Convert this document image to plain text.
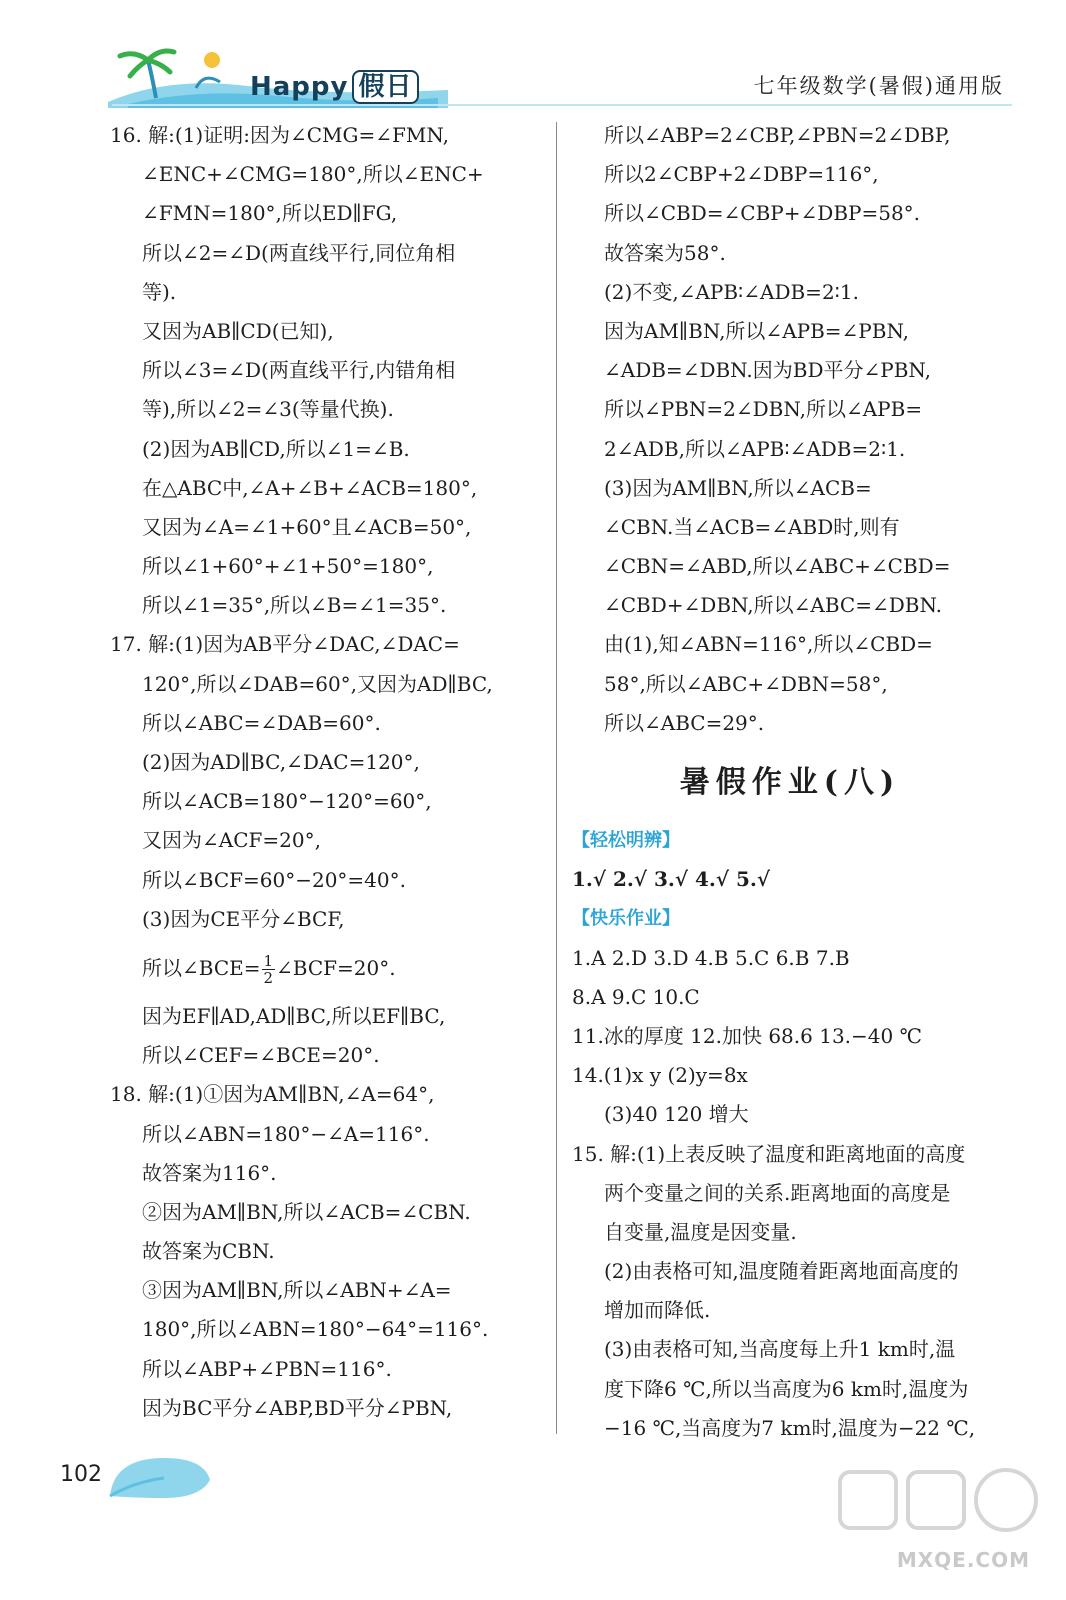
Happy 假日	七年级数学(暑假)通用版
16. 解:(1)证明:因为∠CMG=∠FMN,
∠ENC+∠CMG=180°,所以∠ENC+
∠FMN=180°,所以ED∥FG,
所以∠2=∠D(两直线平行,同位角相
等).
又因为AB∥CD(已知),
所以∠3=∠D(两直线平行,内错角相
等),所以∠2=∠3(等量代换).
(2)因为AB∥CD,所以∠1=∠B.
在△ABC中,∠A+∠B+∠ACB=180°,
又因为∠A=∠1+60°且∠ACB=50°,
所以∠1+60°+∠1+50°=180°,
所以∠1=35°,所以∠B=∠1=35°.
17. 解:(1)因为AB平分∠DAC,∠DAC=
120°,所以∠DAB=60°,又因为AD∥BC,
所以∠ABC=∠DAB=60°.
(2)因为AD∥BC,∠DAC=120°,
所以∠ACB=180°−120°=60°,
又因为∠ACF=20°,
所以∠BCF=60°−20°=40°.
(3)因为CE平分∠BCF,
所以∠BCE= $\frac{1}{2}$ ∠BCF=20°.
因为EF∥AD,AD∥BC,所以EF∥BC,
所以∠CEF=∠BCE=20°.
18. 解:(1)①因为AM∥BN,∠A=64°,
所以∠ABN=180°−∠A=116°.
故答案为116°.
②因为AM∥BN,所以∠ACB=∠CBN.
故答案为CBN.
③因为AM∥BN,所以∠ABN+∠A=
180°,所以∠ABN=180°−64°=116°.
所以∠ABP+∠PBN=116°.
因为BC平分∠ABP,BD平分∠PBN,
所以∠ABP=2∠CBP,∠PBN=2∠DBP,
所以2∠CBP+2∠DBP=116°,
所以∠CBD=∠CBP+∠DBP=58°.
故答案为58°.
(2)不变,∠APB∶∠ADB=2∶1.
因为AM∥BN,所以∠APB=∠PBN,
∠ADB=∠DBN.因为BD平分∠PBN,
所以∠PBN=2∠DBN,所以∠APB=
2∠ADB,所以∠APB∶∠ADB=2∶1.
(3)因为AM∥BN,所以∠ACB=
∠CBN.当∠ACB=∠ABD时,则有
∠CBN=∠ABD,所以∠ABC+∠CBD=
∠CBD+∠DBN,所以∠ABC=∠DBN.
由(1),知∠ABN=116°,所以∠CBD=
58°,所以∠ABC+∠DBN=58°,
所以∠ABC=29°.
暑假作业(八)
【轻松明辨】
1.√ 2.√ 3.√ 4.√ 5.√
【快乐作业】
1.A 2.D 3.D 4.B 5.C 6.B 7.B
8.A 9.C 10.C
11.冰的厚度 12.加快 68.6 13.−40 ℃
14.(1)x y (2)y=8x
(3)40 120 增大
15. 解:(1)上表反映了温度和距离地面的高度
两个变量之间的关系.距离地面的高度是
自变量,温度是因变量.
(2)由表格可知,温度随着距离地面高度的
增加而降低.
(3)由表格可知,当高度每上升1 km时,温
度下降6 ℃,所以当高度为6 km时,温度为
−16 ℃,当高度为7 km时,温度为−22 ℃,
102
MXQE.COM
